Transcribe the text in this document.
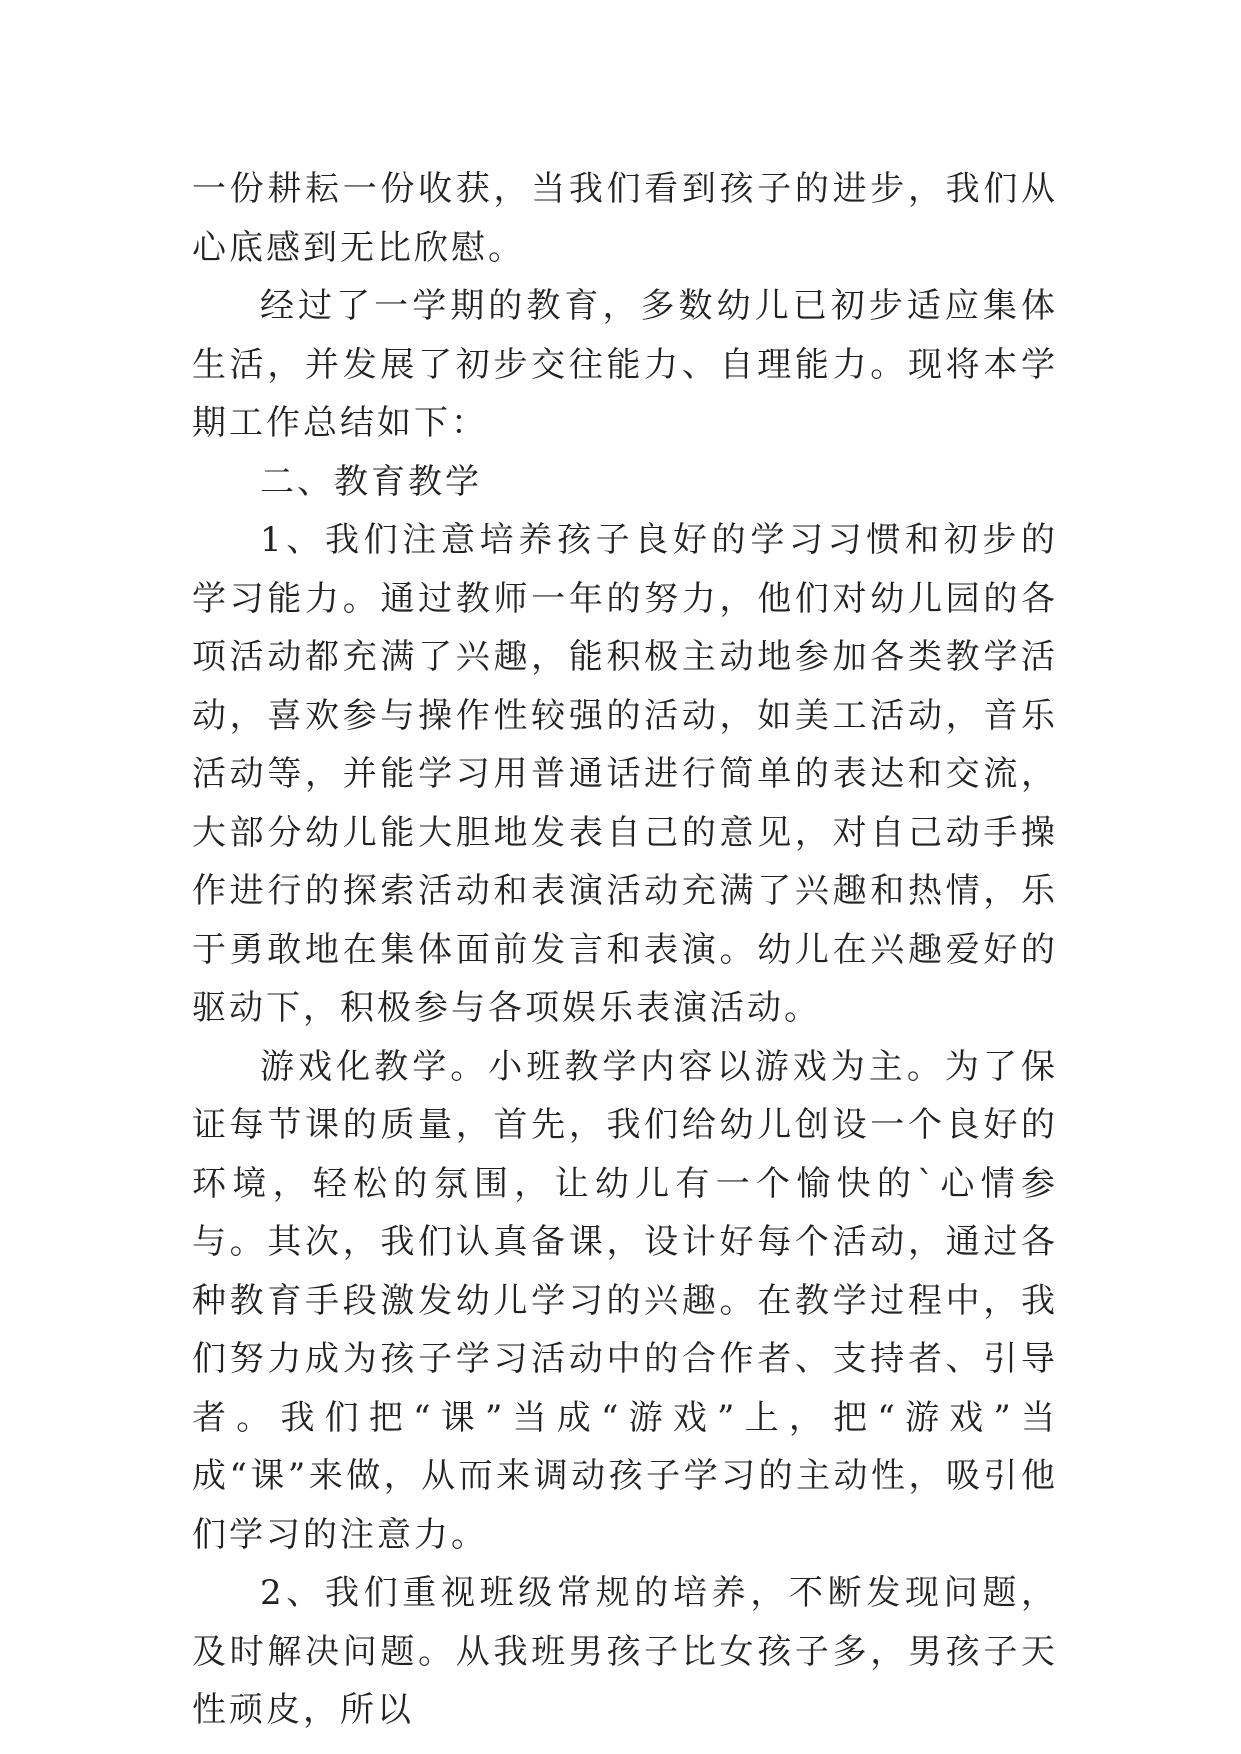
一份耕耘一份收获，当我们看到孩子的进步，我们从心底感到无比欣慰。

经过了一学期的教育，多数幼儿已初步适应集体生活，并发展了初步交往能力、自理能力。现将本学期工作总结如下：

二、教育教学

1、我们注意培养孩子良好的学习习惯和初步的学习能力。通过教师一年的努力，他们对幼儿园的各项活动都充满了兴趣，能积极主动地参加各类教学活动，喜欢参与操作性较强的活动，如美工活动，音乐活动等，并能学习用普通话进行简单的表达和交流，大部分幼儿能大胆地发表自己的意见，对自己动手操作进行的探索活动和表演活动充满了兴趣和热情，乐于勇敢地在集体面前发言和表演。幼儿在兴趣爱好的驱动下，积极参与各项娱乐表演活动。

游戏化教学。小班教学内容以游戏为主。为了保证每节课的质量，首先，我们给幼儿创设一个良好的环境，轻松的氛围，让幼儿有一个愉快的`心情参与。其次，我们认真备课，设计好每个活动，通过各种教育手段激发幼儿学习的兴趣。在教学过程中，我们努力成为孩子学习活动中的合作者、支持者、引导者。我们把“课”当成“游戏”上，把“游戏”当成“课”来做，从而来调动孩子学习的主动性，吸引他们学习的注意力。

2、我们重视班级常规的培养，不断发现问题，及时解决问题。从我班男孩子比女孩子多，男孩子天性顽皮，所以
